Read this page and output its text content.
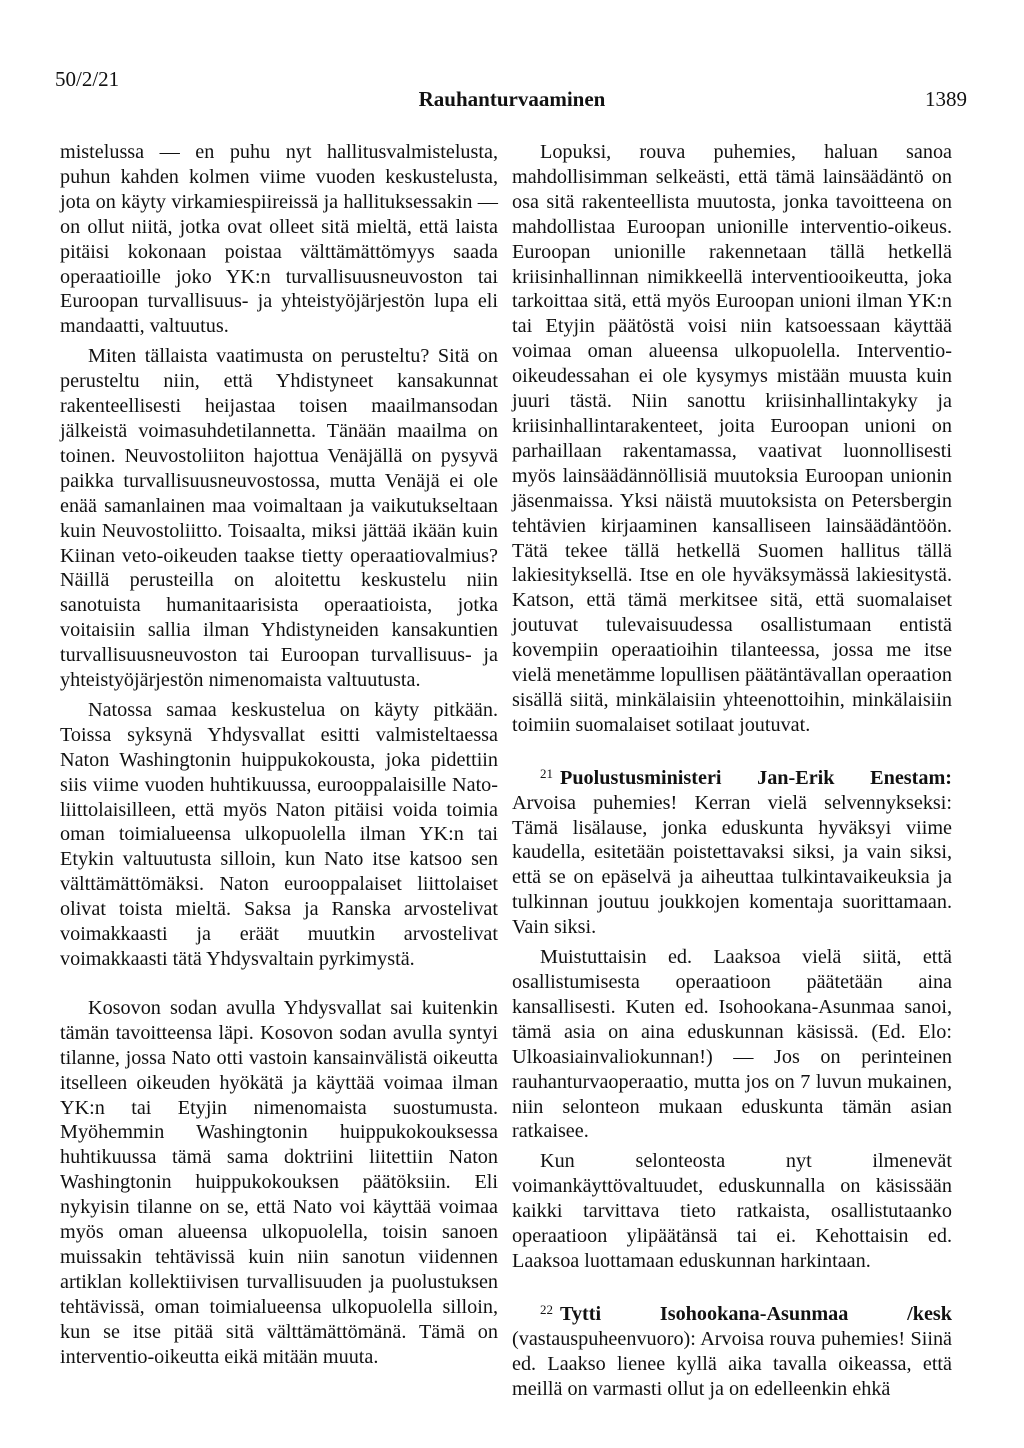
50/2/21
Rauhanturvaaminen	1389

mistelussa — en puhu nyt hallitusvalmistelusta, puhun kahden kolmen viime vuoden keskustelusta, jota on käyty virkamiespiireissä ja hallituksessakin — on ollut niitä, jotka ovat olleet sitä mieltä, että laista pitäisi kokonaan poistaa välttämättömyys saada operaatioille joko YK:n turvallisuusneuvoston tai Euroopan turvallisuus- ja yhteistyöjärjestön lupa eli mandaatti, valtuutus.

Miten tällaista vaatimusta on perusteltu? Sitä on perusteltu niin, että Yhdistyneet kansakunnat rakenteellisesti heijastaa toisen maailmansodan jälkeistä voimasuhdetilannetta. Tänään maailma on toinen. Neuvostoliiton hajottua Venäjällä on pysyvä paikka turvallisuusneuvostossa, mutta Venäjä ei ole enää samanlainen maa voimaltaan ja vaikutukseltaan kuin Neuvostoliitto. Toisaalta, miksi jättää ikään kuin Kiinan veto-oikeuden taakse tietty operaatiovalmius? Näillä perusteilla on aloitettu keskustelu niin sanotuista humanitaarisista operaatioista, jotka voitaisiin sallia ilman Yhdistyneiden kansakuntien turvallisuusneuvoston tai Euroopan turvallisuus- ja yhteistyöjärjestön nimenomaista valtuutusta.

Natossa samaa keskustelua on käyty pitkään. Toissa syksynä Yhdysvallat esitti valmisteltaessa Naton Washingtonin huippukokousta, joka pidettiin siis viime vuoden huhtikuussa, eurooppalaisille Nato-liittolaisilleen, että myös Naton pitäisi voida toimia oman toimialueensa ulkopuolella ilman YK:n tai Etykin valtuutusta silloin, kun Nato itse katsoo sen välttämättömäksi. Naton eurooppalaiset liittolaiset olivat toista mieltä. Saksa ja Ranska arvostelivat voimakkaasti ja eräät muutkin arvostelivat voimakkaasti tätä Yhdysvaltain pyrkimystä.

Kosovon sodan avulla Yhdysvallat sai kuitenkin tämän tavoitteensa läpi. Kosovon sodan avulla syntyi tilanne, jossa Nato otti vastoin kansainvälistä oikeutta itselleen oikeuden hyökätä ja käyttää voimaa ilman YK:n tai Etyjin nimenomaista suostumusta. Myöhemmin Washingtonin huippukokouksessa huhtikuussa tämä sama doktriini liitettiin Naton Washingtonin huippukokouksen päätöksiin. Eli nykyisin tilanne on se, että Nato voi käyttää voimaa myös oman alueensa ulkopuolella, toisin sanoen muissakin tehtävissä kuin niin sanotun viidennen artiklan kollektiivisen turvallisuuden ja puolustuksen tehtävissä, oman toimialueensa ulkopuolella silloin, kun se itse pitää sitä välttämättömänä. Tämä on interventio-oikeutta eikä mitään muuta.

Lopuksi, rouva puhemies, haluan sanoa mahdollisimman selkeästi, että tämä lainsäädäntö on osa sitä rakenteellista muutosta, jonka tavoitteena on mahdollistaa Euroopan unionille interventio-oikeus. Euroopan unionille rakennetaan tällä hetkellä kriisinhallinnan nimikkeellä interventiooikeutta, joka tarkoittaa sitä, että myös Euroopan unioni ilman YK:n tai Etyjin päätöstä voisi niin katsoessaan käyttää voimaa oman alueensa ulkopuolella. Interventio-oikeudessahan ei ole kysymys mistään muusta kuin juuri tästä. Niin sanottu kriisinhallintakyky ja kriisinhallintarakenteet, joita Euroopan unioni on parhaillaan rakentamassa, vaativat luonnollisesti myös lainsäädännöllisiä muutoksia Euroopan unionin jäsenmaissa. Yksi näistä muutoksista on Petersbergin tehtävien kirjaaminen kansalliseen lainsäädäntöön. Tätä tekee tällä hetkellä Suomen hallitus tällä lakiesityksellä. Itse en ole hyväksymässä lakiesitystä. Katson, että tämä merkitsee sitä, että suomalaiset joutuvat tulevaisuudessa osallistumaan entistä kovempiin operaatioihin tilanteessa, jossa me itse vielä menetämme lopullisen päätäntävallan operaation sisällä siitä, minkälaisiin yhteenottoihin, minkälaisiin toimiin suomalaiset sotilaat joutuvat.

$^{21}$ Puolustusministeri Jan-Erik Enestam: Arvoisa puhemies! Kerran vielä selvennykseksi: Tämä lisälause, jonka eduskunta hyväksyi viime kaudella, esitetään poistettavaksi siksi, ja vain siksi, että se on epäselvä ja aiheuttaa tulkintavaikeuksia ja tulkinnan joutuu joukkojen komentaja suorittamaan. Vain siksi.

Muistuttaisin ed. Laaksoa vielä siitä, että osallistumisesta operaatioon päätetään aina kansallisesti. Kuten ed. Isohookana-Asunmaa sanoi, tämä asia on aina eduskunnan käsissä. (Ed. Elo: Ulkoasiainvaliokunnan!) — Jos on perinteinen rauhanturvaoperaatio, mutta jos on 7 luvun mukainen, niin selonteon mukaan eduskunta tämän asian ratkaisee.

Kun selonteosta nyt ilmenevät voimankäyttövaltuudet, eduskunnalla on käsissään kaikki tarvittava tieto ratkaista, osallistutaanko operaatioon ylipäätänsä tai ei. Kehottaisin ed. Laaksoa luottamaan eduskunnan harkintaan.

$^{22}$ Tytti Isohookana-Asunmaa /kesk (vastauspuheenvuoro): Arvoisa rouva puhemies! Siinä ed. Laakso lienee kyllä aika tavalla oikeassa, että meillä on varmasti ollut ja on edelleenkin ehkä
